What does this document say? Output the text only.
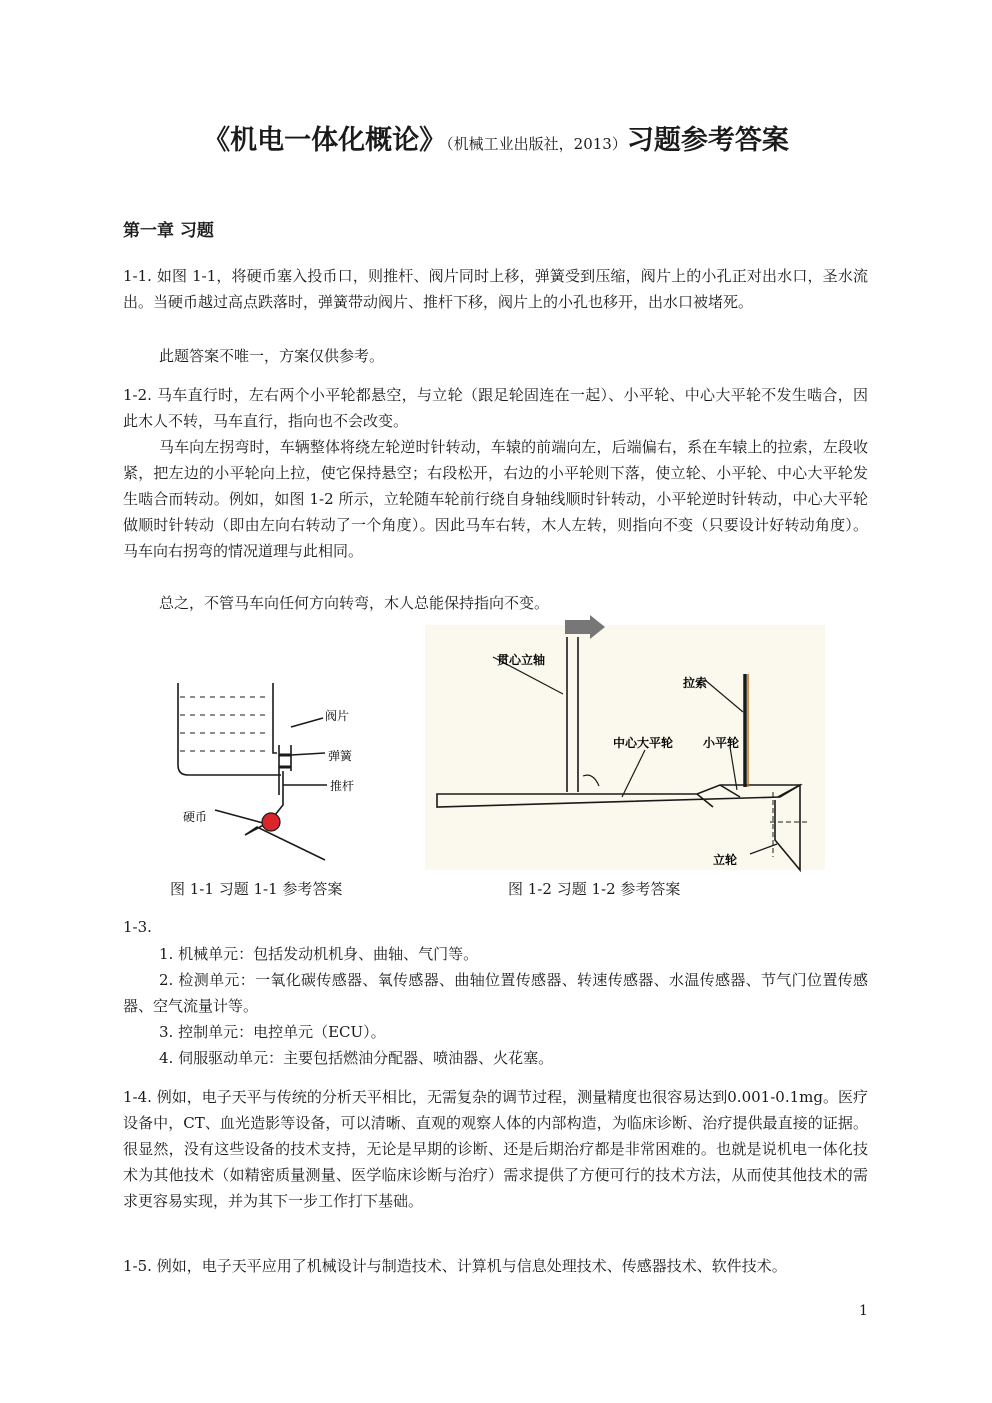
《机电一体化概论》（机械工业出版社，2013）习题参考答案
第一章 习题

1-1. 如图 1-1，将硬币塞入投币口，则推杆、阀片同时上移，弹簧受到压缩，阀片上的小孔正对出水口，圣水流出。当硬币越过高点跌落时，弹簧带动阀片、推杆下移，阀片上的小孔也移开，出水口被堵死。

此题答案不唯一，方案仅供参考。

1-2. 马车直行时，左右两个小平轮都悬空，与立轮（跟足轮固连在一起）、小平轮、中心大平轮不发生啮合，因此木人不转，马车直行，指向也不会改变。

马车向左拐弯时，车辆整体将绕左轮逆时针转动，车辕的前端向左，后端偏右，系在车辕上的拉索，左段收紧，把左边的小平轮向上拉，使它保持悬空；右段松开，右边的小平轮则下落，使立轮、小平轮、中心大平轮发生啮合而转动。例如，如图 1-2 所示，立轮随车轮前行绕自身轴线顺时针转动，小平轮逆时针转动，中心大平轮做顺时针转动（即由左向右转动了一个角度）。因此马车右转，木人左转，则指向不变（只要设计好转动角度）。马车向右拐弯的情况道理与此相同。

总之，不管马车向任何方向转弯，木人总能保持指向不变。

阀片
弹簧
推杆
硬币
贯心立轴
拉索
中心大平轮 小平轮
立轮
图 1-1 习题 1-1 参考答案	图 1-2 习题 1-2 参考答案

1-3.

1. 机械单元：包括发动机机身、曲轴、气门等。

2. 检测单元：一氧化碳传感器、氧传感器、曲轴位置传感器、转速传感器、水温传感器、节气门位置传感器、空气流量计等。

3. 控制单元：电控单元（ECU）。

4. 伺服驱动单元：主要包括燃油分配器、喷油器、火花塞。

1-4. 例如，电子天平与传统的分析天平相比，无需复杂的调节过程，测量精度也很容易达到0.001-0.1mg。医疗设备中，CT、血光造影等设备，可以清晰、直观的观察人体的内部构造，为临床诊断、治疗提供最直接的证据。很显然，没有这些设备的技术支持，无论是早期的诊断、还是后期治疗都是非常困难的。也就是说机电一体化技术为其他技术（如精密质量测量、医学临床诊断与治疗）需求提供了方便可行的技术方法，从而使其他技术的需求更容易实现，并为其下一步工作打下基础。

1-5. 例如，电子天平应用了机械设计与制造技术、计算机与信息处理技术、传感器技术、软件技术。

1
